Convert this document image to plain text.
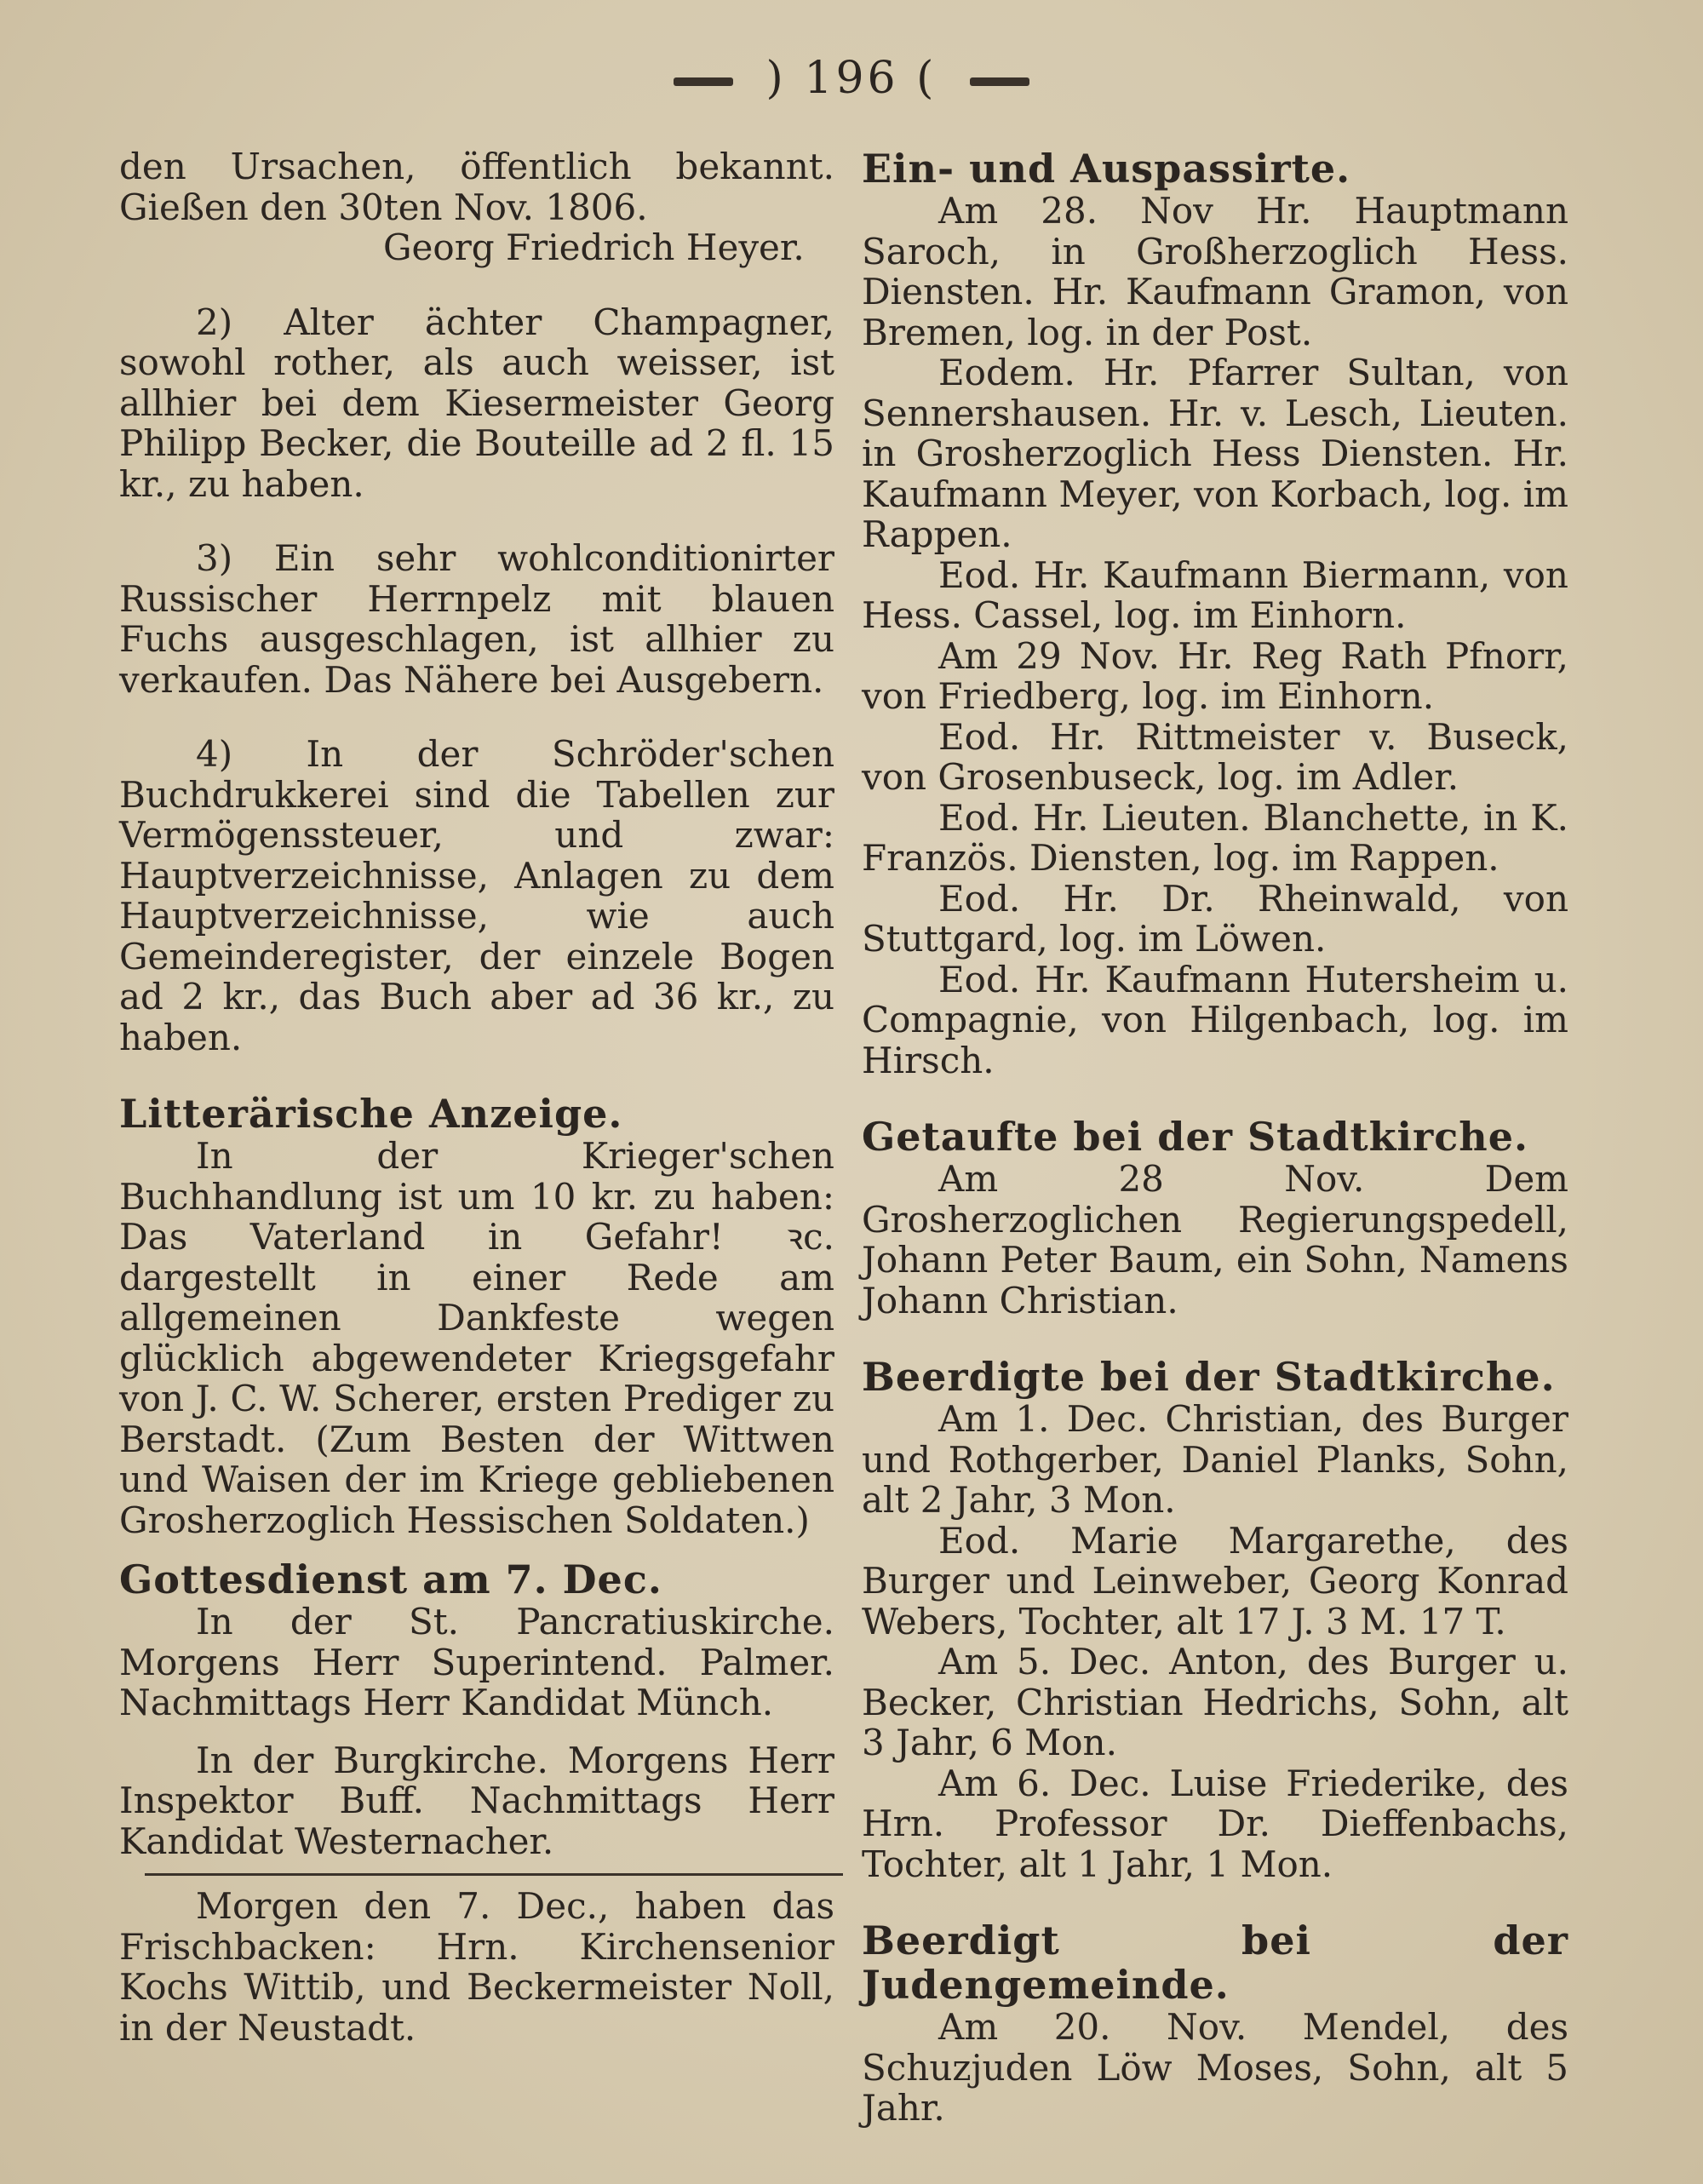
) 196 (

den Ursachen, öffentlich bekannt. Gießen den 30ten Nov. 1806.

Georg Friedrich Heyer.

2) Alter ächter Champagner, sowohl rother, als auch weisser, ist allhier bei dem Kiesermeister Georg Philipp Becker, die Bouteille ad 2 fl. 15 kr., zu haben.

3) Ein sehr wohlconditionirter Russischer Herrnpelz mit blauen Fuchs ausgeschlagen, ist allhier zu verkaufen. Das Nähere bei Ausgebern.

4) In der Schröder'schen Buchdrukkerei sind die Tabellen zur Vermögenssteuer, und zwar: Hauptverzeichnisse, Anlagen zu dem Hauptverzeichnisse, wie auch Gemeinderegister, der einzele Bogen ad 2 kr., das Buch aber ad 36 kr., zu haben.

Litterärische Anzeige.

In der Krieger'schen Buchhandlung ist um 10 kr. zu haben: Das Vaterland in Gefahr! ꝛc. dargestellt in einer Rede am allgemeinen Dankfeste wegen glücklich abgewendeter Kriegsgefahr von J. C. W. Scherer, ersten Prediger zu Berstadt. (Zum Besten der Wittwen und Waisen der im Kriege gebliebenen Grosherzoglich Hessischen Soldaten.)

Gottesdienst am 7. Dec.

In der St. Pancratiuskirche. Morgens Herr Superintend. Palmer. Nachmittags Herr Kandidat Münch.

In der Burgkirche. Morgens Herr Inspektor Buff. Nachmittags Herr Kandidat Westernacher.

Morgen den 7. Dec., haben das Frischbacken: Hrn. Kirchensenior Kochs Wittib, und Beckermeister Noll, in der Neustadt.

Ein- und Auspassirte.

Am 28. Nov Hr. Hauptmann Saroch, in Großherzoglich Hess. Diensten. Hr. Kaufmann Gramon, von Bremen, log. in der Post.

Eodem. Hr. Pfarrer Sultan, von Sennershausen. Hr. v. Lesch, Lieuten. in Grosherzoglich Hess Diensten. Hr. Kaufmann Meyer, von Korbach, log. im Rappen.

Eod. Hr. Kaufmann Biermann, von Hess. Cassel, log. im Einhorn.

Am 29 Nov. Hr. Reg Rath Pfnorr, von Friedberg, log. im Einhorn.

Eod. Hr. Rittmeister v. Buseck, von Grosenbuseck, log. im Adler.

Eod. Hr. Lieuten. Blanchette, in K. Französ. Diensten, log. im Rappen.

Eod. Hr. Dr. Rheinwald, von Stuttgard, log. im Löwen.

Eod. Hr. Kaufmann Hutersheim u. Compagnie, von Hilgenbach, log. im Hirsch.

Getaufte bei der Stadtkirche.

Am 28 Nov. Dem Grosherzoglichen Regierungspedell, Johann Peter Baum, ein Sohn, Namens Johann Christian.

Beerdigte bei der Stadtkirche.

Am 1. Dec. Christian, des Burger und Rothgerber, Daniel Planks, Sohn, alt 2 Jahr, 3 Mon.

Eod. Marie Margarethe, des Burger und Leinweber, Georg Konrad Webers, Tochter, alt 17 J. 3 M. 17 T.

Am 5. Dec. Anton, des Burger u. Becker, Christian Hedrichs, Sohn, alt 3 Jahr, 6 Mon.

Am 6. Dec. Luise Friederike, des Hrn. Professor Dr. Dieffenbachs, Tochter, alt 1 Jahr, 1 Mon.

Beerdigt bei der Judengemeinde.

Am 20. Nov. Mendel, des Schuzjuden Löw Moses, Sohn, alt 5 Jahr.
